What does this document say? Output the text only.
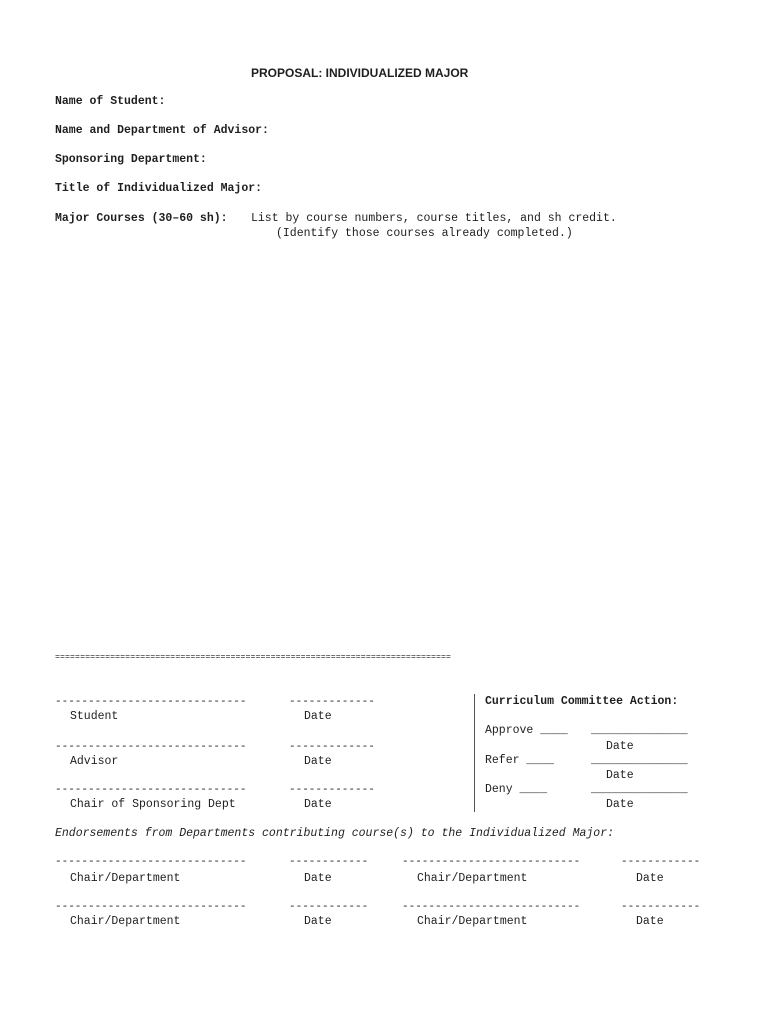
PROPOSAL: INDIVIDUALIZED MAJOR
Name of Student:
Name and Department of Advisor:
Sponsoring Department:
Title of Individualized Major:
Major Courses (30–60 sh): List by course numbers, course titles, and sh credit.
(Identify those courses already completed.)
===============================================================================
-----------------------------	-------------
Student	Date
-----------------------------	-------------
Advisor	Date
-----------------------------	-------------
Chair of Sponsoring Dept	Date
Curriculum Committee Action:
Approve ____ ______________
Date
Refer ____	______________
Date
Deny ____	______________
Date
Endorsements from Departments contributing course(s) to the Individualized Major:
-----------------------------	------------	---------------------------	------------
Chair/Department	Date	Chair/Department	Date
-----------------------------	------------	---------------------------	------------
Chair/Department	Date	Chair/Department	Date
